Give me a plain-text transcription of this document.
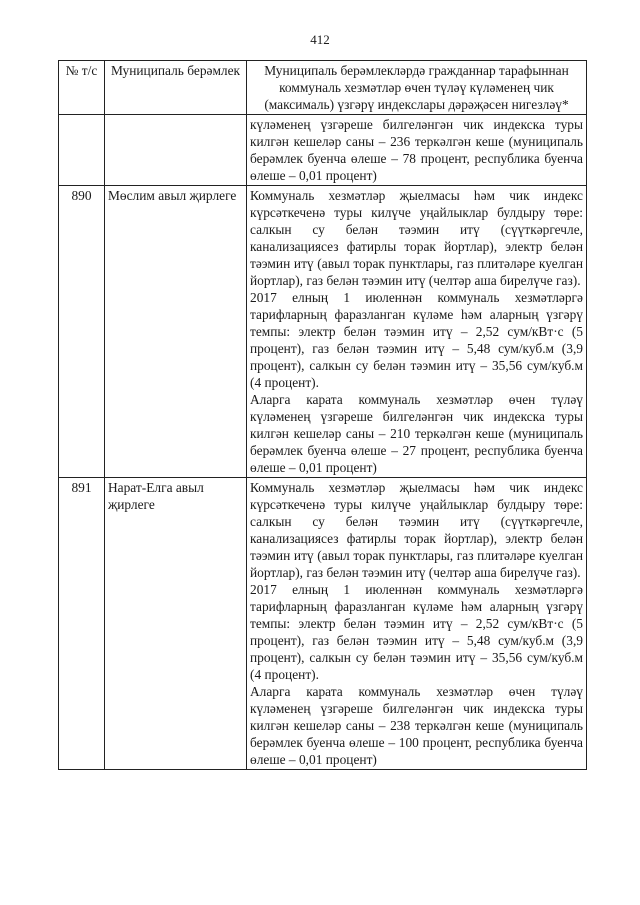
412
№ т/с	Муниципаль берәмлек	Муниципаль берәмлекләрдә гражданнар тарафыннан коммуналь хезмәтләр өчен түләү күләменең чик (максималь) үзгәрү индекслары дәрәҗәсен нигезләү*

		күләменең үзгәреше билгеләнгән чик индекска туры килгән кешеләр саны – 236 теркәлгән кеше (муниципаль берәмлек буенча өлеше – 78 процент, республика буенча өлеше – 0,01 процент)

890	Мөслим авыл җирлеге	Коммуналь хезмәтләр җыелмасы һәм чик индекс күрсәткеченә туры килүче уңайлыклар булдыру төре: салкын су белән тәэмин итү (сүүткәргечле, канализациясез фатирлы торак йортлар), электр белән тәэмин итү (авыл торак пунктлары, газ плитәләре куелган йортлар), газ белән тәэмин итү (челтәр аша бирелүче газ).

2017 елның 1 июленнән коммуналь хезмәтләргә тарифларның фаразланган күләме һәм аларның үзгәрү темпы: электр белән тәэмин итү – 2,52 сум/кВт·с (5 процент), газ белән тәэмин итү – 5,48 сум/куб.м (3,9 процент), салкын су белән тәэмин итү – 35,56 сум/куб.м (4 процент).

Аларга карата коммуналь хезмәтләр өчен түләү күләменең үзгәреше билгеләнгән чик индекска туры килгән кешеләр саны – 210 теркәлгән кеше (муниципаль берәмлек буенча өлеше – 27 процент, республика буенча өлеше – 0,01 процент)

891	Нарат-Елга авыл җирлеге	Коммуналь хезмәтләр җыелмасы һәм чик индекс күрсәткеченә туры килүче уңайлыклар булдыру төре: салкын су белән тәэмин итү (сүүткәргечле, канализациясез фатирлы торак йортлар), электр белән тәэмин итү (авыл торак пунктлары, газ плитәләре куелган йортлар), газ белән тәэмин итү (челтәр аша бирелүче газ).

2017 елның 1 июленнән коммуналь хезмәтләргә тарифларның фаразланган күләме һәм аларның үзгәрү темпы: электр белән тәэмин итү – 2,52 сум/кВт·с (5 процент), газ белән тәэмин итү – 5,48 сум/куб.м (3,9 процент), салкын су белән тәэмин итү – 35,56 сум/куб.м (4 процент).

Аларга карата коммуналь хезмәтләр өчен түләү күләменең үзгәреше билгеләнгән чик индекска туры килгән кешеләр саны – 238 теркәлгән кеше (муниципаль берәмлек буенча өлеше – 100 процент, республика буенча өлеше – 0,01 процент)
